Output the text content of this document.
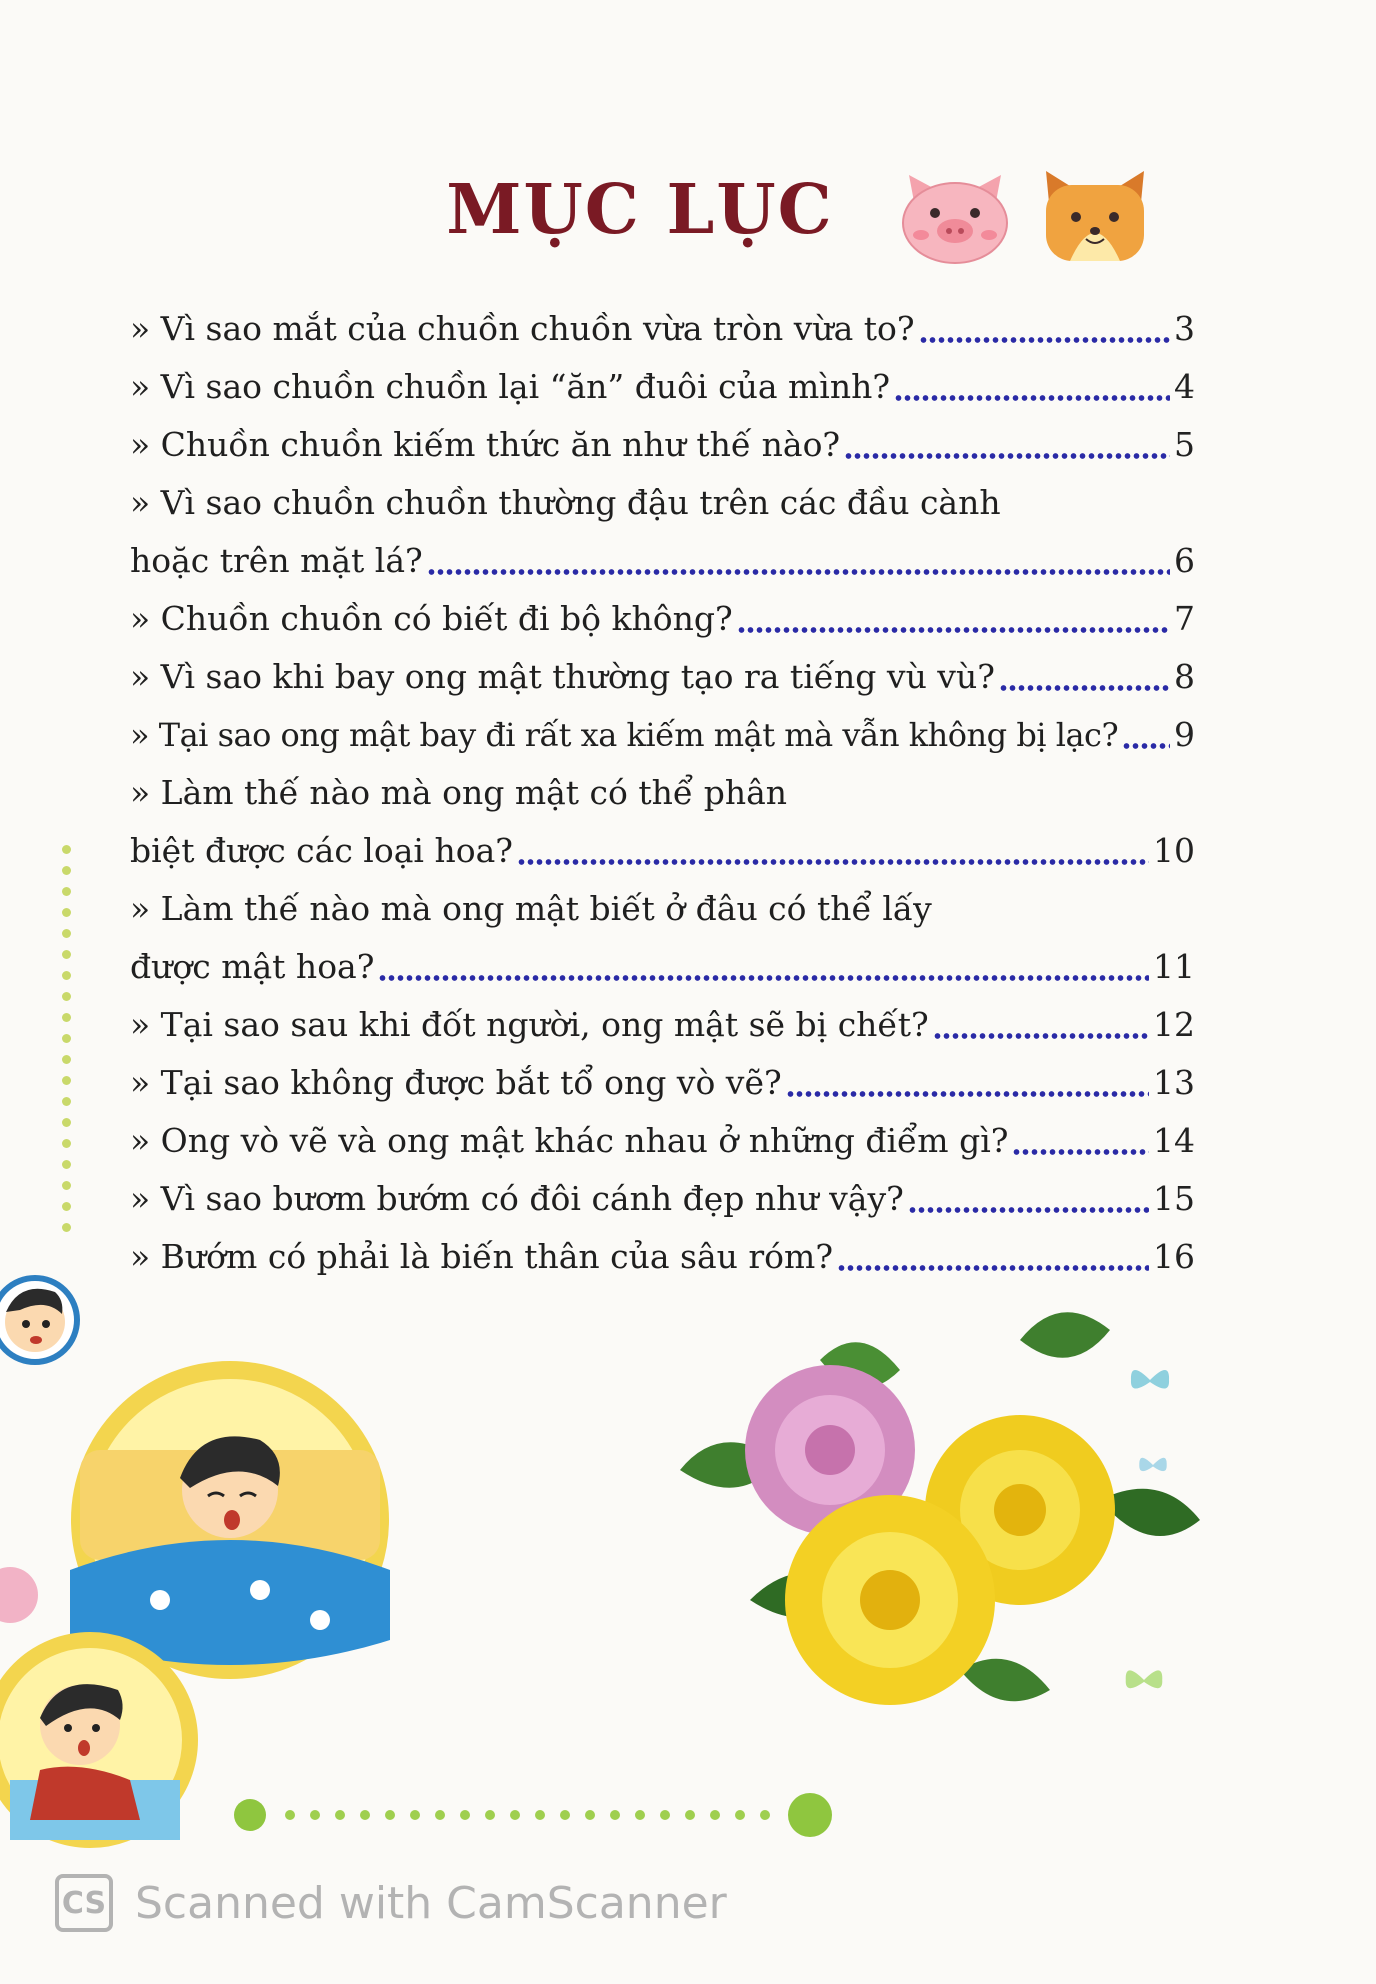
MỤC LỤC
» Vì sao mắt của chuồn chuồn vừa tròn vừa to?	3
» Vì sao chuồn chuồn lại “ăn” đuôi của mình?	4
» Chuồn chuồn kiếm thức ăn như thế nào?	5
» Vì sao chuồn chuồn thường đậu trên các đầu cành
hoặc trên mặt lá?	6
» Chuồn chuồn có biết đi bộ không?	7
» Vì sao khi bay ong mật thường tạo ra tiếng vù vù?	8
» Tại sao ong mật bay đi rất xa kiếm mật mà vẫn không bị lạc? 9
» Làm thế nào mà ong mật có thể phân
biệt được các loại hoa?	10
» Làm thế nào mà ong mật biết ở đâu có thể lấy
được mật hoa?	11
» Tại sao sau khi đốt người, ong mật sẽ bị chết?	12
» Tại sao không được bắt tổ ong vò vẽ?	13
» Ong vò vẽ và ong mật khác nhau ở những điểm gì?	14
» Vì sao bươm bướm có đôi cánh đẹp như vậy?	15
» Bướm có phải là biến thân của sâu róm?	16
CS Scanned with CamScanner
